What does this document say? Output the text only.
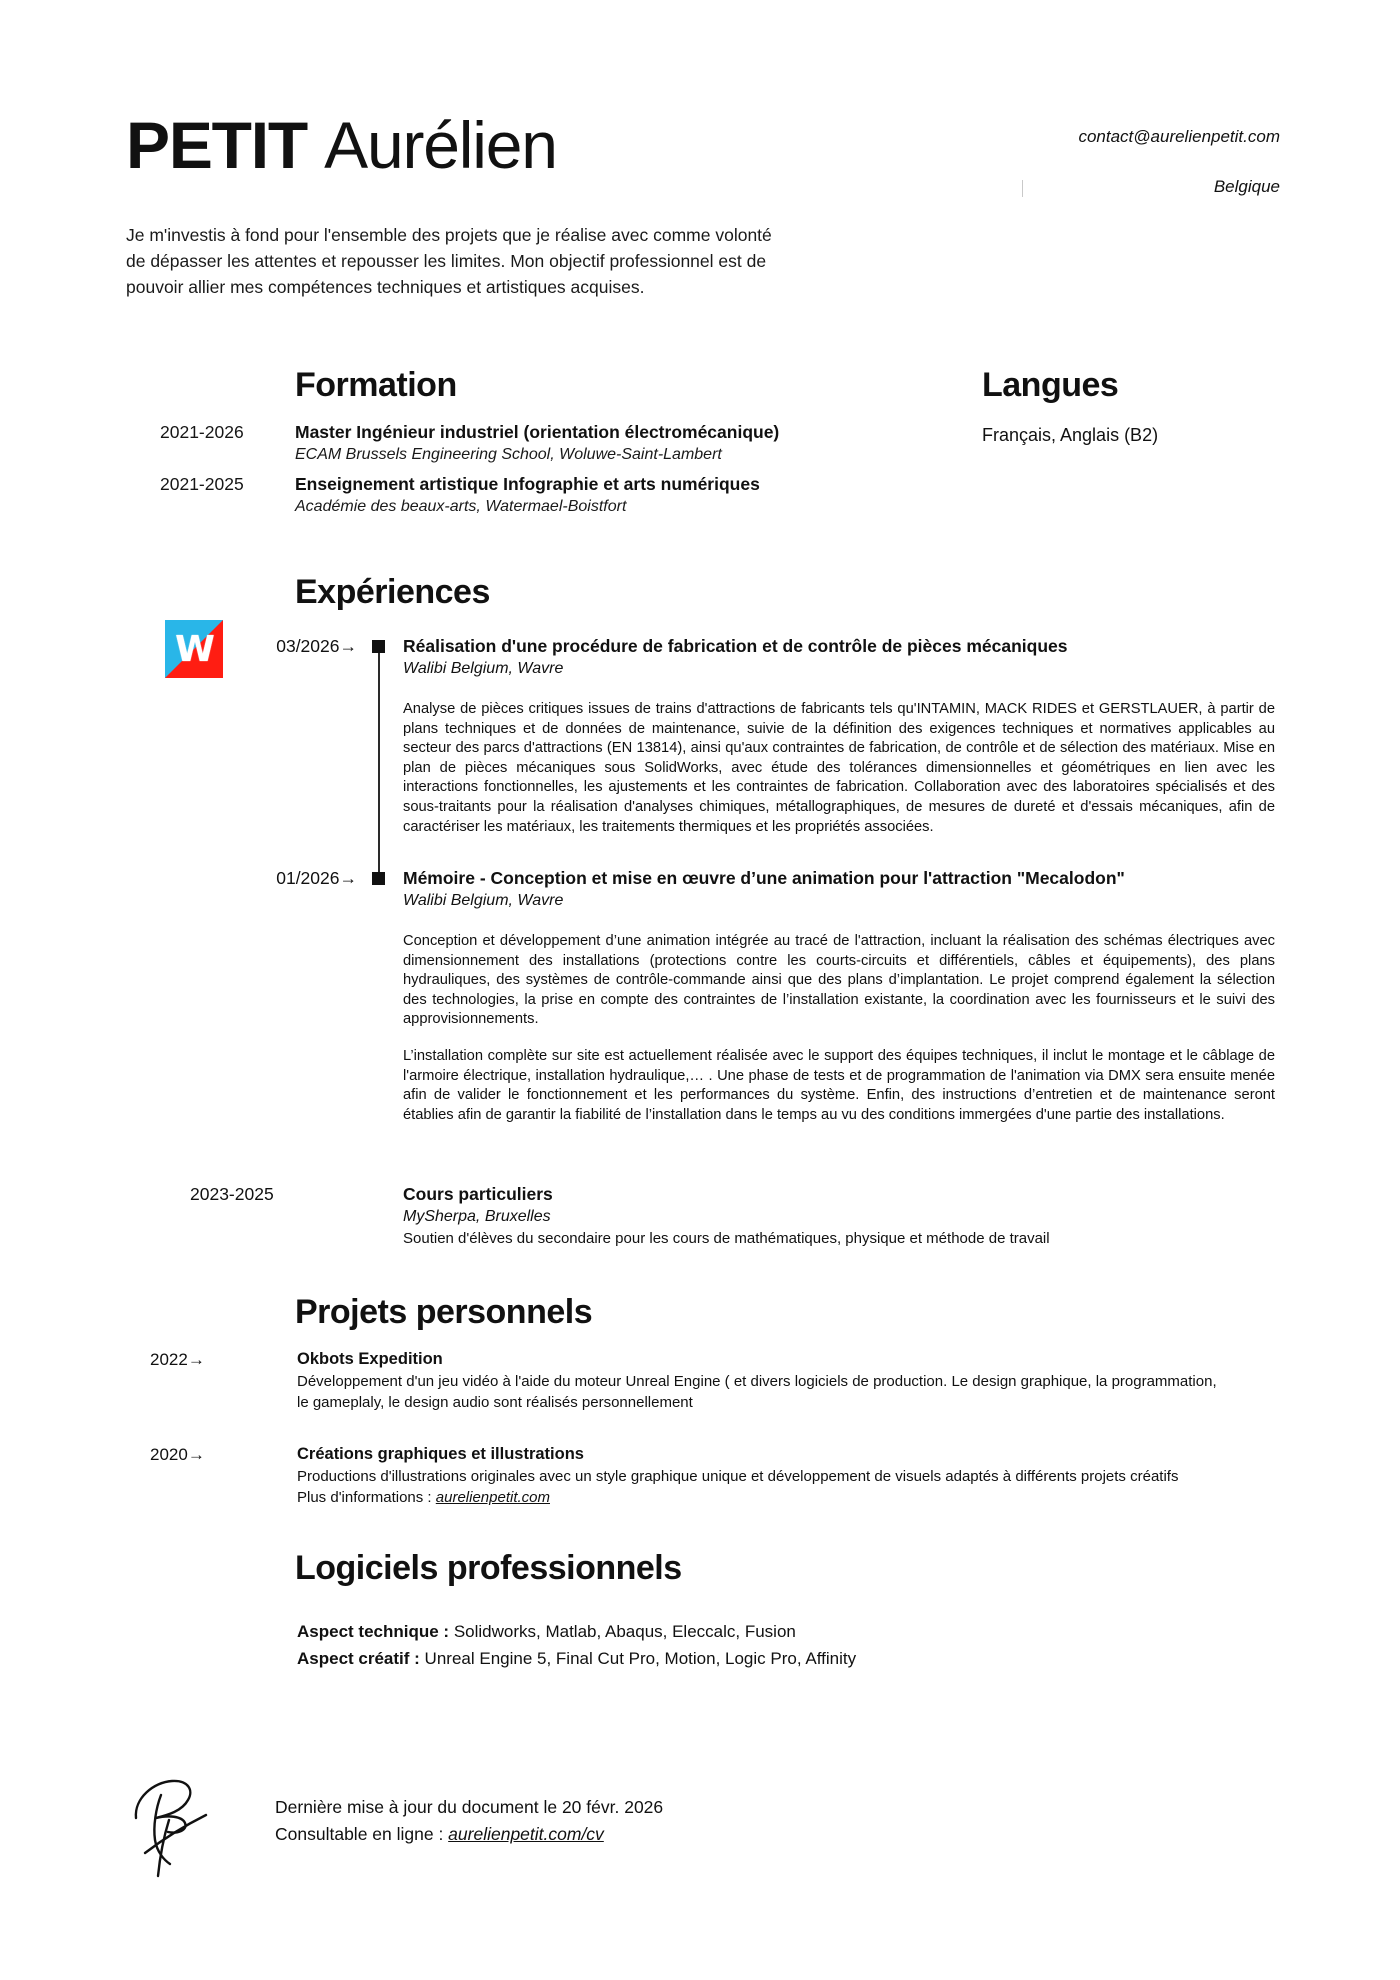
PETIT Aurélien	contact@aurelienpetit.com
Belgique
Je m'investis à fond pour l'ensemble des projets que je réalise avec comme volonté de dépasser les attentes et repousser les limites. Mon objectif professionnel est de pouvoir allier mes compétences techniques et artistiques acquises.
Formation
2021-2026	Master Ingénieur industriel (orientation électromécanique)
ECAM Brussels Engineering School, Woluwe-Saint-Lambert
2021-2025	Enseignement artistique Infographie et arts numériques
Académie des beaux-arts, Watermael-Boistfort
Langues
Français, Anglais (B2)
Expériences
W	03/2026→	Réalisation d'une procédure de fabrication et de contrôle de pièces mécaniques
Walibi Belgium, Wavre
Analyse de pièces critiques issues de trains d'attractions de fabricants tels qu'INTAMIN, MACK RIDES et GERSTLAUER, à partir de plans techniques et de données de maintenance, suivie de la définition des exigences techniques et normatives applicables au secteur des parcs d'attractions (EN 13814), ainsi qu'aux contraintes de fabrication, de contrôle et de sélection des matériaux. Mise en plan de pièces mécaniques sous SolidWorks, avec étude des tolérances dimensionnelles et géométriques en lien avec les interactions fonctionnelles, les ajustements et les contraintes de fabrication. Collaboration avec des laboratoires spécialisés et des sous-traitants pour la réalisation d'analyses chimiques, métallographiques, de mesures de dureté et d'essais mécaniques, afin de caractériser les matériaux, les traitements thermiques et les propriétés associées.
01/2026→	Mémoire - Conception et mise en œuvre d’une animation pour l'attraction "Mecalodon"
Walibi Belgium, Wavre
Conception et développement d’une animation intégrée au tracé de l'attraction, incluant la réalisation des schémas électriques avec dimensionnement des installations (protections contre les courts-circuits et différentiels, câbles et équipements), des plans hydrauliques, des systèmes de contrôle-commande ainsi que des plans d’implantation. Le projet comprend également la sélection des technologies, la prise en compte des contraintes de l’installation existante, la coordination avec les fournisseurs et le suivi des approvisionnements.
L’installation complète sur site est actuellement réalisée avec le support des équipes techniques, il inclut le montage et le câblage de l'armoire électrique, installation hydraulique,… . Une phase de tests et de programmation de l'animation via DMX sera ensuite menée afin de valider le fonctionnement et les performances du système. Enfin, des instructions d’entretien et de maintenance seront établies afin de garantir la fiabilité de l’installation dans le temps au vu des conditions immergées d'une partie des installations.
2023-2025	Cours particuliers
MySherpa, Bruxelles
Soutien d'élèves du secondaire pour les cours de mathématiques, physique et méthode de travail
Projets personnels
2022→	Okbots Expedition
Développement d'un jeu vidéo à l'aide du moteur Unreal Engine ( et divers logiciels de production. Le design graphique, la programmation, le gameplaly, le design audio sont réalisés personnellement
2020→	Créations graphiques et illustrations
Productions d'illustrations originales avec un style graphique unique et développement de visuels adaptés à différents projets créatifs
Plus d'informations : aurelienpetit.com
Logiciels professionnels
Aspect technique : Solidworks, Matlab, Abaqus, Eleccalc, Fusion
Aspect créatif : Unreal Engine 5, Final Cut Pro, Motion, Logic Pro, Affinity
Dernière mise à jour du document le 20 févr. 2026
Consultable en ligne : aurelienpetit.com/cv
